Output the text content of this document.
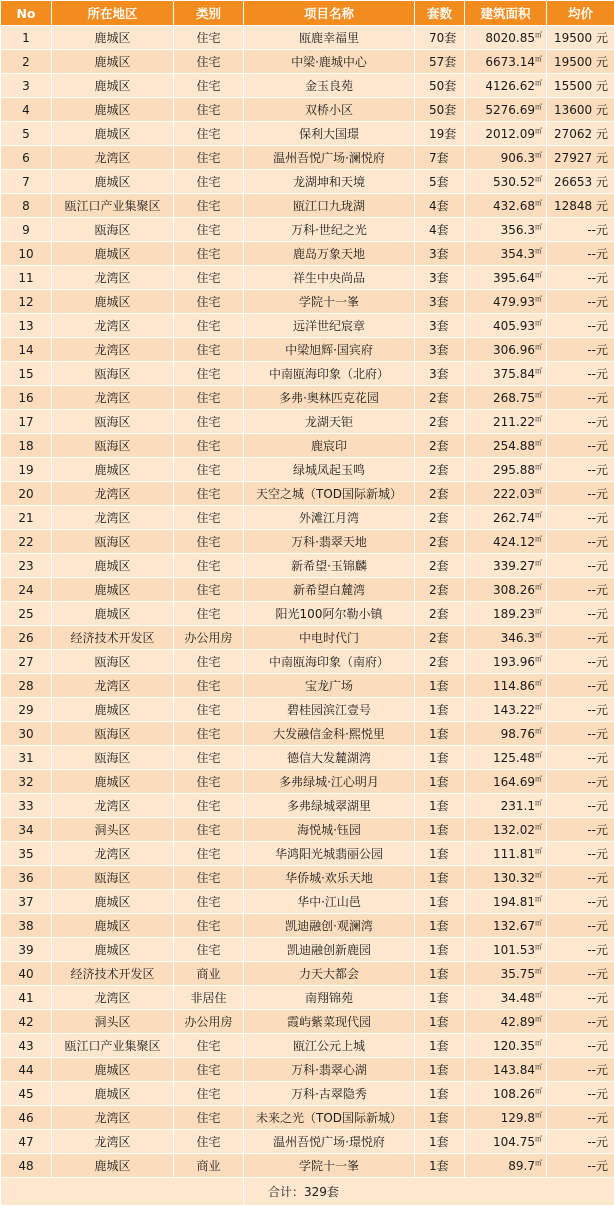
No	所在地区	类别	项目名称	套数	建筑面积	均价
1	鹿城区	住宅	瓯鹿幸福里	70套	8020.85㎡	19500 元
2	鹿城区	住宅	中梁·鹿城中心	57套	6673.14㎡	19500 元
3	鹿城区	住宅	金玉良苑	50套	4126.62㎡	15500 元
4	鹿城区	住宅	双桥小区	50套	5276.69㎡	13600 元
5	鹿城区	住宅	保利大国璟	19套	2012.09㎡	27062 元
6	龙湾区	住宅	温州吾悦广场·澜悦府	7套	906.3㎡	27927 元
7	鹿城区	住宅	龙湖坤和天境	5套	530.52㎡	26653 元
8	瓯江口产业集聚区	住宅	瓯江口九珑湖	4套	432.68㎡	12848 元
9	瓯海区	住宅	万科·世纪之光	4套	356.3㎡	--元
10	鹿城区	住宅	鹿岛万象天地	3套	354.3㎡	--元
11	龙湾区	住宅	祥生中央尚品	3套	395.64㎡	--元
12	鹿城区	住宅	学院十一峯	3套	479.93㎡	--元
13	龙湾区	住宅	远洋世纪宸章	3套	405.93㎡	--元
14	龙湾区	住宅	中梁旭辉·国宾府	3套	306.96㎡	--元
15	瓯海区	住宅	中南瓯海印象（北府）	3套	375.84㎡	--元
16	龙湾区	住宅	多弗·奥林匹克花园	2套	268.75㎡	--元
17	瓯海区	住宅	龙湖天钜	2套	211.22㎡	--元
18	瓯海区	住宅	鹿宸印	2套	254.88㎡	--元
19	鹿城区	住宅	绿城凤起玉鸣	2套	295.88㎡	--元
20	龙湾区	住宅	天空之城（TOD国际新城）	2套	222.03㎡	--元
21	龙湾区	住宅	外滩江月湾	2套	262.74㎡	--元
22	瓯海区	住宅	万科·翡翠天地	2套	424.12㎡	--元
23	鹿城区	住宅	新希望·玉锦麟	2套	339.27㎡	--元
24	鹿城区	住宅	新希望白麓湾	2套	308.26㎡	--元
25	鹿城区	住宅	阳光100阿尔勒小镇	2套	189.23㎡	--元
26	经济技术开发区	办公用房	中电时代门	2套	346.3㎡	--元
27	瓯海区	住宅	中南瓯海印象（南府）	2套	193.96㎡	--元
28	龙湾区	住宅	宝龙广场	1套	114.86㎡	--元
29	鹿城区	住宅	碧桂园滨江壹号	1套	143.22㎡	--元
30	瓯海区	住宅	大发融信金科·熙悦里	1套	98.76㎡	--元
31	瓯海区	住宅	德信大发麓湖湾	1套	125.48㎡	--元
32	鹿城区	住宅	多弗绿城·江心明月	1套	164.69㎡	--元
33	龙湾区	住宅	多弗绿城翠湖里	1套	231.1㎡	--元
34	洞头区	住宅	海悦城·钰园	1套	132.02㎡	--元
35	龙湾区	住宅	华鸿阳光城翡丽公园	1套	111.81㎡	--元
36	瓯海区	住宅	华侨城·欢乐天地	1套	130.32㎡	--元
37	鹿城区	住宅	华中·江山邑	1套	194.81㎡	--元
38	鹿城区	住宅	凯迪融创·观澜湾	1套	132.67㎡	--元
39	鹿城区	住宅	凯迪融创新鹿园	1套	101.53㎡	--元
40	经济技术开发区	商业	力天大都会	1套	35.75㎡	--元
41	龙湾区	非居住	南翔锦苑	1套	34.48㎡	--元
42	洞头区	办公用房	霞屿紫菜现代园	1套	42.89㎡	--元
43	瓯江口产业集聚区	住宅	瓯江公元上城	1套	120.35㎡	--元
44	鹿城区	住宅	万科·翡翠心湖	1套	143.84㎡	--元
45	鹿城区	住宅	万科·古翠隐秀	1套	108.26㎡	--元
46	龙湾区	住宅	未来之光（TOD国际新城）	1套	129.8㎡	--元
47	龙湾区	住宅	温州吾悦广场·璟悦府	1套	104.75㎡	--元
48	鹿城区	商业	学院十一峯	1套	89.7㎡	--元
			合计：329套			
